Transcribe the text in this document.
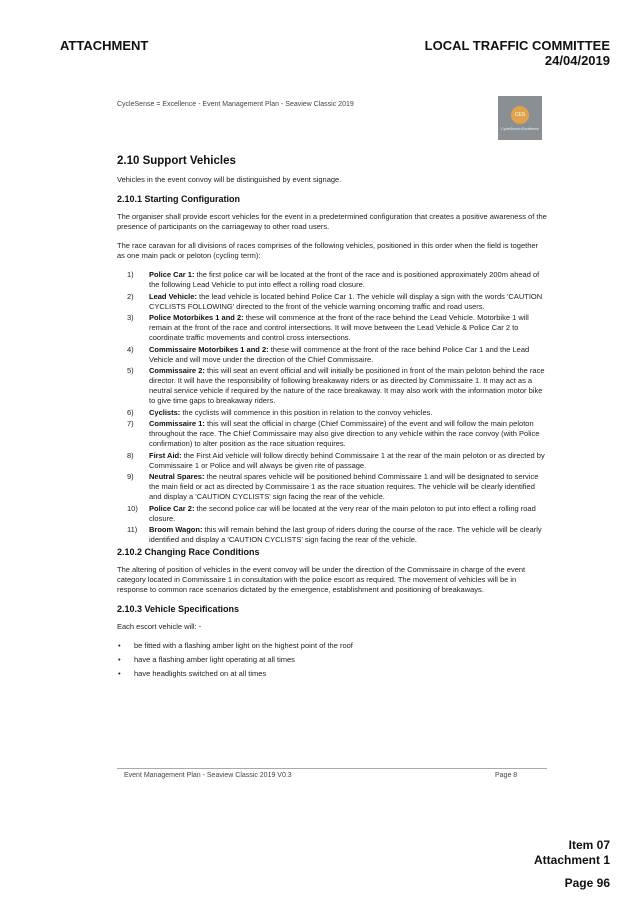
ATTACHMENT	LOCAL TRAFFIC COMMITTEE
24/04/2019
CycleSense = Excellence - Event Management Plan - Seaview Classic 2019
CES
CycleSense=Excellence
2.10 Support Vehicles
Vehicles in the event convoy will be distinguished by event signage.
2.10.1 Starting Configuration
The organiser shall provide escort vehicles for the event in a predetermined configuration that creates a positive awareness of the presence of participants on the carriageway to other road users.
The race caravan for all divisions of races comprises of the following vehicles, positioned in this order when the field is together as one main pack or peloton (cycling term):
1) Police Car 1: the first police car will be located at the front of the race and is positioned approximately 200m ahead of the following Lead Vehicle to put into effect a rolling road closure.
2) Lead Vehicle: the lead vehicle is located behind Police Car 1. The vehicle will display a sign with the words 'CAUTION CYCLISTS FOLLOWING' directed to the front of the vehicle warning oncoming traffic and road users.
3) Police Motorbikes 1 and 2: these will commence at the front of the race behind the Lead Vehicle. Motorbike 1 will remain at the front of the race and control intersections. It will move between the Lead Vehicle & Police Car 2 to coordinate traffic movements and control cross intersections.
4) Commissaire Motorbikes 1 and 2: these will commence at the front of the race behind Police Car 1 and the Lead Vehicle and will move under the direction of the Chief Commissaire.
5) Commissaire 2: this will seat an event official and will initially be positioned in front of the main peloton behind the race director. It will have the responsibility of following breakaway riders or as directed by Commissaire 1. It may act as a neutral service vehicle if required by the nature of the race breakaway. It may also work with the information motor bike to give time gaps to breakaway riders.
6) Cyclists: the cyclists will commence in this position in relation to the convoy vehicles.
7) Commissaire 1: this will seat the official in charge (Chief Commissaire) of the event and will follow the main peloton throughout the race. The Chief Commissaire may also give direction to any vehicle within the race convoy (with Police confirmation) to alter position as the race situation requires.
8) First Aid: the First Aid vehicle will follow directly behind Commissaire 1 at the rear of the main peloton or as directed by Commissaire 1 or Police and will always be given rite of passage.
9) Neutral Spares: the neutral spares vehicle will be positioned behind Commissaire 1 and will be designated to service the main field or act as directed by Commissaire 1 as the race situation requires. The vehicle will be clearly identified and display a 'CAUTION CYCLISTS' sign facing the rear of the vehicle.
10) Police Car 2: the second police car will be located at the very rear of the main peloton to put into effect a rolling road closure.
11) Broom Wagon: this will remain behind the last group of riders during the course of the race. The vehicle will be clearly identified and display a 'CAUTION CYCLISTS' sign facing the rear of the vehicle.
2.10.2 Changing Race Conditions
The altering of position of vehicles in the event convoy will be under the direction of the Commissaire in charge of the event category located in Commissaire 1 in consultation with the police escort as required. The movement of vehicles will be in response to common race scenarios dictated by the emergence, establishment and positioning of breakaways.
2.10.3 Vehicle Specifications
Each escort vehicle will: -
• be fitted with a flashing amber light on the highest point of the roof
• have a flashing amber light operating at all times
• have headlights switched on at all times
Event Management Plan - Seaview Classic 2019 V0.3	Page 8
Item 07
Attachment 1
Page 96
